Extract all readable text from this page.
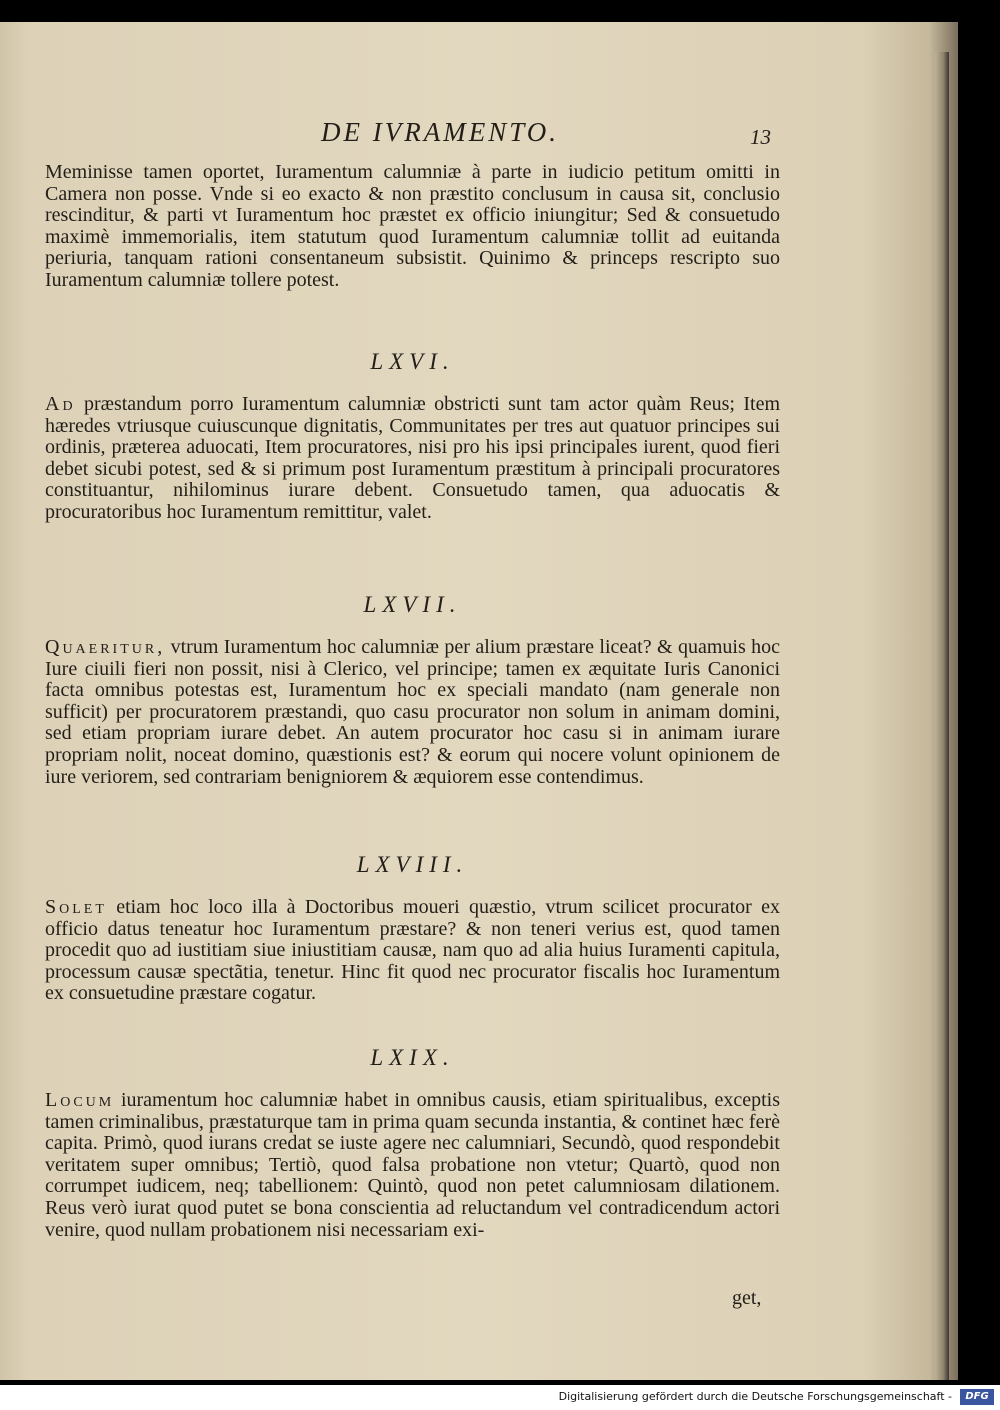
DE IVRAMENTO.	13
Meminisse tamen oportet, Iuramentum calumniæ à parte in iudicio petitum omitti in Camera non posse. Vnde si eo exacto & non præstito conclusum in causa sit, conclusio rescinditur, & parti vt Iuramentum hoc præstet ex officio iniungitur; Sed & consuetudo maximè immemorialis, item statutum quod Iuramentum calumniæ tollit ad euitanda periuria, tanquam rationi consentaneum subsistit. Quinimo & princeps rescripto suo Iuramentum calumniæ tollere potest.
LXVI.
Ad præstandum porro Iuramentum calumniæ obstricti sunt tam actor quàm Reus; Item hæredes vtriusque cuiuscunque dignitatis, Communitates per tres aut quatuor principes sui ordinis, præterea aduocati, Item procuratores, nisi pro his ipsi principales iurent, quod fieri debet sicubi potest, sed & si primum post Iuramentum præstitum à principali procuratores constituantur, nihilominus iurare debent. Consuetudo tamen, qua aduocatis & procuratoribus hoc Iuramentum remittitur, valet.
LXVII.
Quaeritur, vtrum Iuramentum hoc calumniæ per alium præstare liceat? & quamuis hoc Iure ciuili fieri non possit, nisi à Clerico, vel principe; tamen ex æquitate Iuris Canonici facta omnibus potestas est, Iuramentum hoc ex speciali mandato (nam generale non sufficit) per procuratorem præstandi, quo casu procurator non solum in animam domini, sed etiam propriam iurare debet. An autem procurator hoc casu si in animam iurare propriam nolit, noceat domino, quæstionis est? & eorum qui nocere volunt opinionem de iure veriorem, sed contrariam benigniorem & æquiorem esse contendimus.
LXVIII.
Solet etiam hoc loco illa à Doctoribus moueri quæstio, vtrum scilicet procurator ex officio datus teneatur hoc Iuramentum præstare? & non teneri verius est, quod tamen procedit quo ad iustitiam siue iniustitiam causæ, nam quo ad alia huius Iuramenti capitula, processum causæ spectãtia, tenetur. Hinc fit quod nec procurator fiscalis hoc Iuramentum ex consuetudine præstare cogatur.
LXIX.
Locum iuramentum hoc calumniæ habet in omnibus causis, etiam spiritualibus, exceptis tamen criminalibus, præstaturque tam in prima quam secunda instantia, & continet hæc ferè capita. Primò, quod iurans credat se iuste agere nec calumniari, Secundò, quod respondebit veritatem super omnibus; Tertiò, quod falsa probatione non vtetur; Quartò, quod non corrumpet iudicem, neq; tabellionem: Quintò, quod non petet calumniosam dilationem. Reus verò iurat quod putet se bona conscientia ad reluctandum vel contradicendum actori venire, quod nullam probationem nisi necessariam exi-
get,
Digitalisierung gefördert durch die Deutsche Forschungsgemeinschaft -	DFG
